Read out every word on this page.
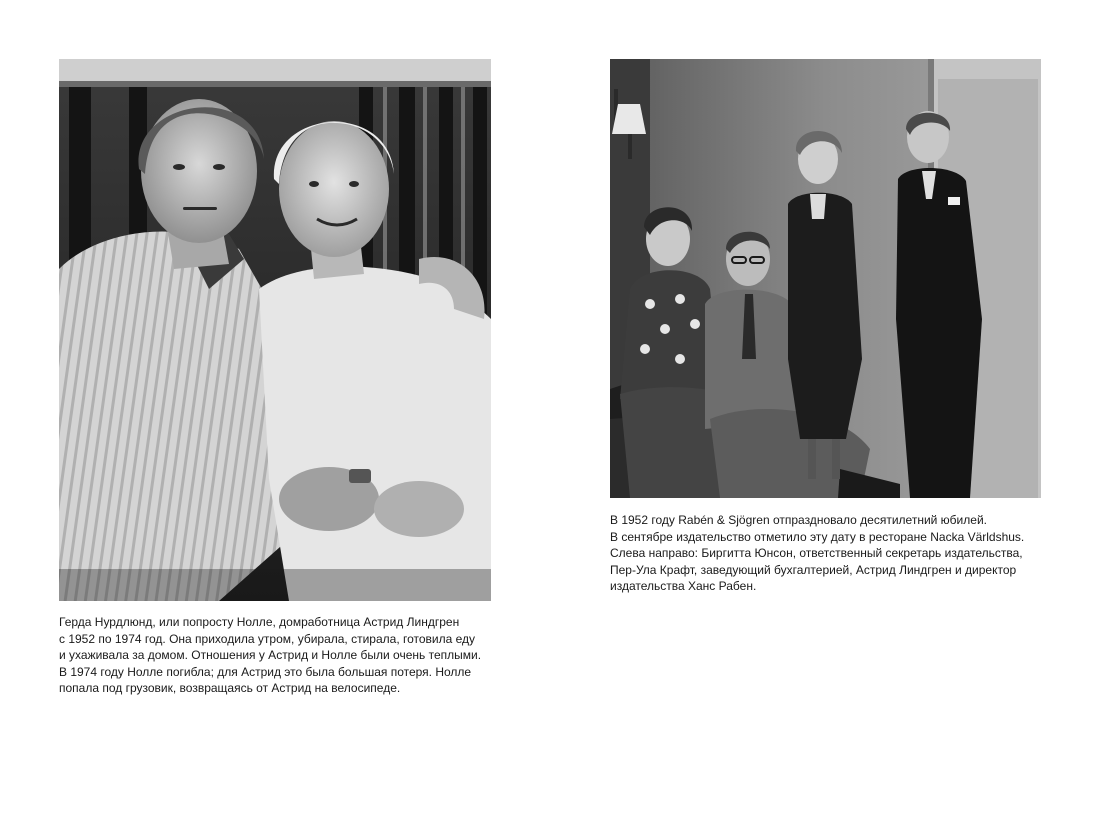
Герда Нурдлюнд, или попросту Нолле, домработница Астрид Линдгрен
с 1952 по 1974 год. Она приходила утром, убирала, стирала, готовила еду
и ухаживала за домом. Отношения у Астрид и Нолле были очень теплыми.
В 1974 году Нолле погибла; для Астрид это была большая потеря. Нолле
попала под грузовик, возвращаясь от Астрид на велосипеде.
В 1952 году Rabén & Sjögren отпраздновало десятилетний юбилей.
В сентябре издательство отметило эту дату в ресторане Nacka Världshus.
Слева направо: Биргитта Юнсон, ответственный секретарь издательства,
Пер-Ула Крафт, заведующий бухгалтерией, Астрид Линдгрен и директор
издательства Ханс Рабен.
